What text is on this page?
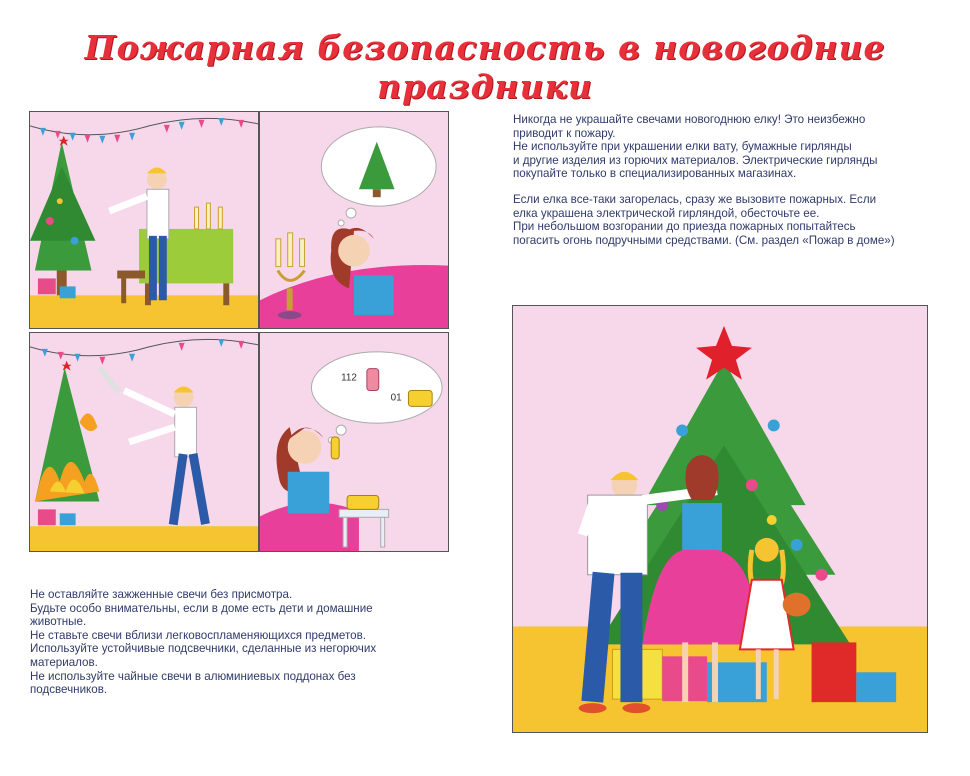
Пожарная безопасность в новогодние праздники

Никогда не украшайте свечами новогоднюю елку! Это неизбежно

приводит к пожару.

Не используйте при украшении елки вату, бумажные гирлянды

и другие изделия из горючих материалов. Электрические гирлянды

покупайте только в специализированных магазинах.

Если елка все-таки загорелась, сразу же вызовите пожарных. Если

елка украшена электрической гирляндой, обесточьте ее.

При небольшом возгорании до приезда пожарных попытайтесь

погасить огонь подручными средствами. (См. раздел «Пожар в доме»)

Не оставляйте зажженные свечи без присмотра.

Будьте особо внимательны, если в доме есть дети и домашние

животные.

Не ставьте свечи вблизи легковоспламеняющихся предметов.

Используйте устойчивые подсвечники, сделанные из негорючих

материалов.

Не используйте чайные свечи в алюминиевых поддонах без

подсвечников.

112
01
